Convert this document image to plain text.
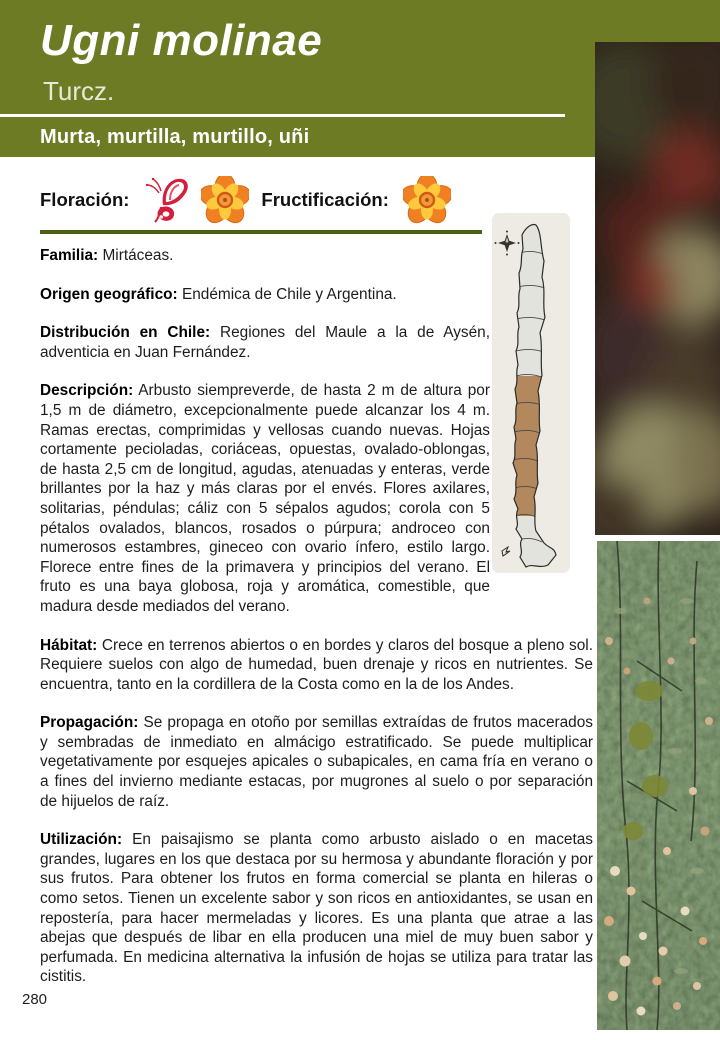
Ugni molinae
Turcz.
Murta, murtilla, murtillo, uñi
Floración:	Fructificación:

Familia: Mirtáceas.

Origen geográfico: Endémica de Chile y Argentina.

Distribución en Chile: Regiones del Maule a la de Aysén, adventicia en Juan Fernández.

Descripción: Arbusto siempreverde, de hasta 2 m de altura por 1,5 m de diámetro, excepcionalmente puede alcanzar los 4 m. Ramas erectas, comprimidas y vellosas cuando nuevas. Hojas cortamente pecioladas, coriáceas, opuestas, ovalado-oblongas, de hasta 2,5 cm de longitud, agudas, atenuadas y enteras, verde brillantes por la haz y más claras por el envés. Flores axilares, solitarias, péndulas; cáliz con 5 sépalos agudos; corola con 5 pétalos ovalados, blancos, rosados o púrpura; androceo con numerosos estambres, gineceo con ovario ínfero, estilo largo. Florece entre fines de la primavera y principios del verano. El fruto es una baya globosa, roja y aromática, comestible, que madura desde mediados del verano.

Hábitat: Crece en terrenos abiertos o en bordes y claros del bosque a pleno sol. Requiere suelos con algo de humedad, buen drenaje y ricos en nutrientes. Se encuentra, tanto en la cordillera de la Costa como en la de los Andes.

Propagación: Se propaga en otoño por semillas extraídas de frutos macerados y sembradas de inmediato en almácigo estratificado. Se puede multiplicar vegetativamente por esquejes apicales o subapicales, en cama fría en verano o a fines del invierno mediante estacas, por mugrones al suelo o por separación de hijuelos de raíz.

Utilización: En paisajismo se planta como arbusto aislado o en macetas grandes, lugares en los que destaca por su hermosa y abundante floración y por sus frutos. Para obtener los frutos en forma comercial se planta en hileras o como setos. Tienen un excelente sabor y son ricos en antioxidantes, se usan en repostería, para hacer mermeladas y licores. Es una planta que atrae a las abejas que después de libar en ella producen una miel de muy buen sabor y perfumada. En medicina alternativa la infusión de hojas se utiliza para tratar las cistitis.

280
